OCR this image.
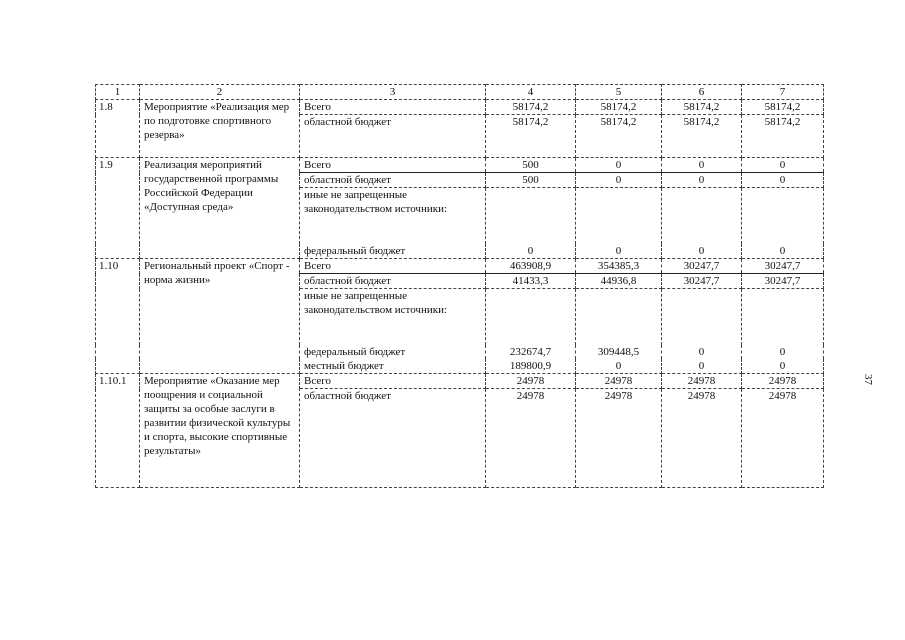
1	2	3	4	5	6	7
1.8	Мероприятие «Реализация мер по подготовке спортивного резерва»	Всего	58174,2	58174,2	58174,2	58174,2
		областной бюджет	58174,2	58174,2	58174,2	58174,2
1.9	Реализация мероприятий государственной программы Российской Федерации «Доступная среда»	Всего	500	0	0	0
		областной бюджет	500	0	0	0
		иные не запрещенные законодательством источники:				
		федеральный бюджет	0	0	0	0
1.10	Региональный проект «Спорт - норма жизни»	Всего	463908,9	354385,3	30247,7	30247,7
		областной бюджет	41433,3	44936,8	30247,7	30247,7
		иные не запрещенные законодательством источники:				
		федеральный бюджет	232674,7	309448,5	0	0
		местный бюджет	189800,9	0	0	0
1.10.1	Мероприятие «Оказание мер поощрения и социальной защиты за особые заслуги в развитии физической культуры и спорта, высокие спортивные результаты»	Всего	24978	24978	24978	24978
		областной бюджет	24978	24978	24978	24978
37
